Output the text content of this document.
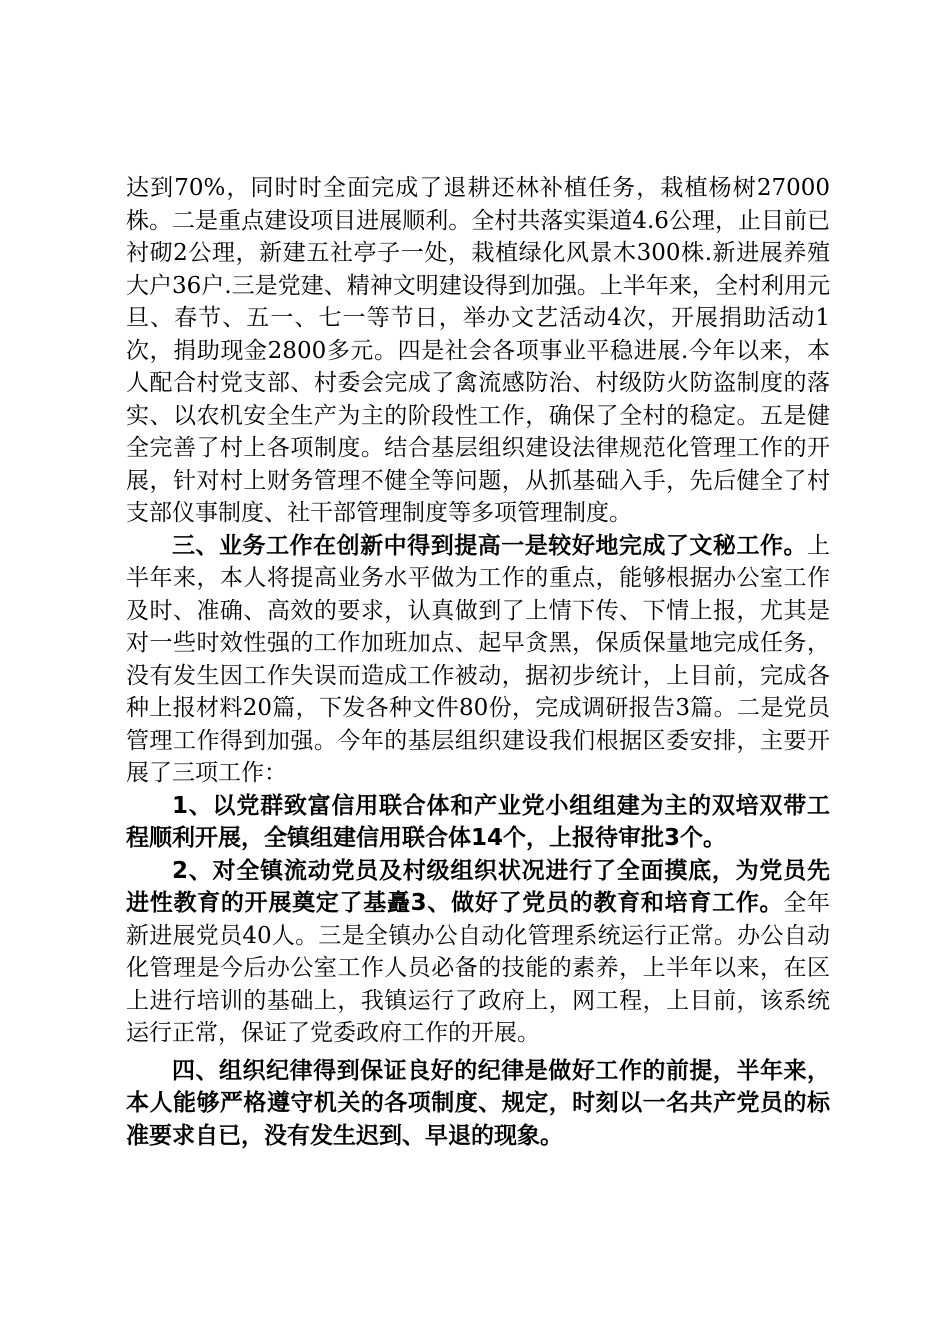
达到70%，同时时全面完成了退耕还林补植任务，栽植杨树27000株。二是重点建设项目进展顺利。全村共落实渠道4.6公理，止目前已衬砌2公理，新建五社亭子一处，栽植绿化风景木300株.新进展养殖大户36户.三是党建、精神文明建设得到加强。上半年来，全村利用元旦、春节、五一、七一等节日，举办文艺活动4次，开展捐助活动1次，捐助现金2800多元。四是社会各项事业平稳进展.今年以来，本人配合村党支部、村委会完成了禽流感防治、村级防火防盗制度的落实、以农机安全生产为主的阶段性工作，确保了全村的稳定。五是健全完善了村上各项制度。结合基层组织建设法律规范化管理工作的开展，针对村上财务管理不健全等问题，从抓基础入手，先后健全了村支部仪事制度、社干部管理制度等多项管理制度。

三、业务工作在创新中得到提高一是较好地完成了文秘工作。上半年来，本人将提高业务水平做为工作的重点，能够根据办公室工作及时、准确、高效的要求，认真做到了上情下传、下情上报，尤其是对一些时效性强的工作加班加点、起早贪黑，保质保量地完成任务，没有发生因工作失误而造成工作被动，据初步统计，上目前，完成各种上报材料20篇，下发各种文件80份，完成调研报告3篇。二是党员管理工作得到加强。今年的基层组织建设我们根据区委安排，主要开展了三项工作：

1、以党群致富信用联合体和产业党小组组建为主的双培双带工程顺利开展，全镇组建信用联合体14个，上报待审批3个。

2、对全镇流动党员及村级组织状况进行了全面摸底，为党员先进性教育的开展奠定了基矗3、做好了党员的教育和培育工作。全年新进展党员40人。三是全镇办公自动化管理系统运行正常。办公自动化管理是今后办公室工作人员必备的技能的素养，上半年以来，在区上进行培训的基础上，我镇运行了政府上，网工程，上目前，该系统运行正常，保证了党委政府工作的开展。

四、组织纪律得到保证良好的纪律是做好工作的前提，半年来，本人能够严格遵守机关的各项制度、规定，时刻以一名共产党员的标准要求自已，没有发生迟到、早退的现象。
